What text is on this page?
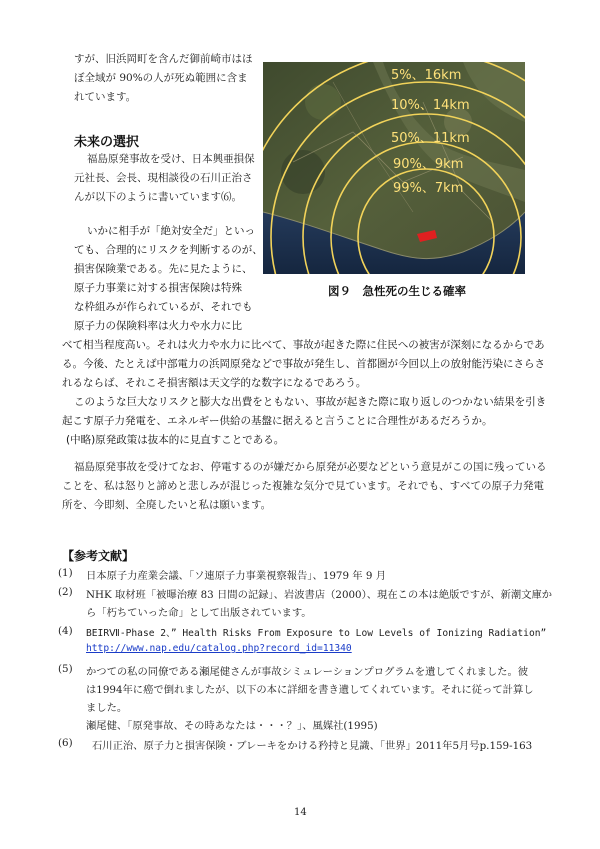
すが、旧浜岡町を含んだ御前崎市はほ
ぼ全域が 90%の人が死ぬ範囲に含ま
れています。
未来の選択
福島原発事故を受け、日本興亜損保
元社長、会長、現相談役の石川正治さ
んが以下のように書いています⑹。
いかに相手が「絶対安全だ」といっ
ても、合理的にリスクを判断するのが、
損害保険業である。先に見たように、
原子力事業に対する損害保険は特殊
な枠組みが作られているが、それでも
原子力の保険料率は火力や水力に比
べて相当程度高い。それは火力や水力に比べて、事故が起きた際に住民への被害が深刻になるからであ
る。今後、たとえば中部電力の浜岡原発などで事故が発生し、首都圏が今回以上の放射能汚染にさらさ
れるならば、それこそ損害額は天文学的な数字になるであろう。
このような巨大なリスクと膨大な出費をともない、事故が起きた際に取り返しのつかない結果を引き
起こす原子力発電を、エネルギー供給の基盤に据えると言うことに合理性があるだろうか。
(中略)原発政策は抜本的に見直すことである。
5%、16km
10%、14km
50%、11km
90%、9km
99%、7km
図９　急性死の生じる確率
福島原発事故を受けてなお、停電するのが嫌だから原発が必要などという意見がこの国に残っている
ことを、私は怒りと諦めと悲しみが混じった複雑な気分で見ています。それでも、すべての原子力発電
所を、今即刻、全廃したいと私は願います。
【参考文献】
(1) 日本原子力産業会議、「ソ連原子力事業視察報告」、1979 年 9 月
(2) NHK 取材班「被曝治療 83 日間の記録」、岩波書店（2000）、現在この本は絶版ですが、新潮文庫か
ら「朽ちていった命」として出版されています。
(4) BEIRⅦ-Phase 2、” Health Risks From Exposure to Low Levels of Ionizing Radiation”
http://www.nap.edu/catalog.php?record_id=11340
(5) かつての私の同僚である瀬尾健さんが事故シミュレーションプログラムを遺してくれました。彼
は1994年に癌で倒れましたが、以下の本に詳細を書き遺してくれています。それに従って計算し
ました。
瀬尾健、「原発事故、その時あなたは・・・？」、風媒社(1995)
(6) 石川正治、原子力と損害保険・ブレーキをかける矜持と見識、「世界」2011年5月号p.159-163
14
